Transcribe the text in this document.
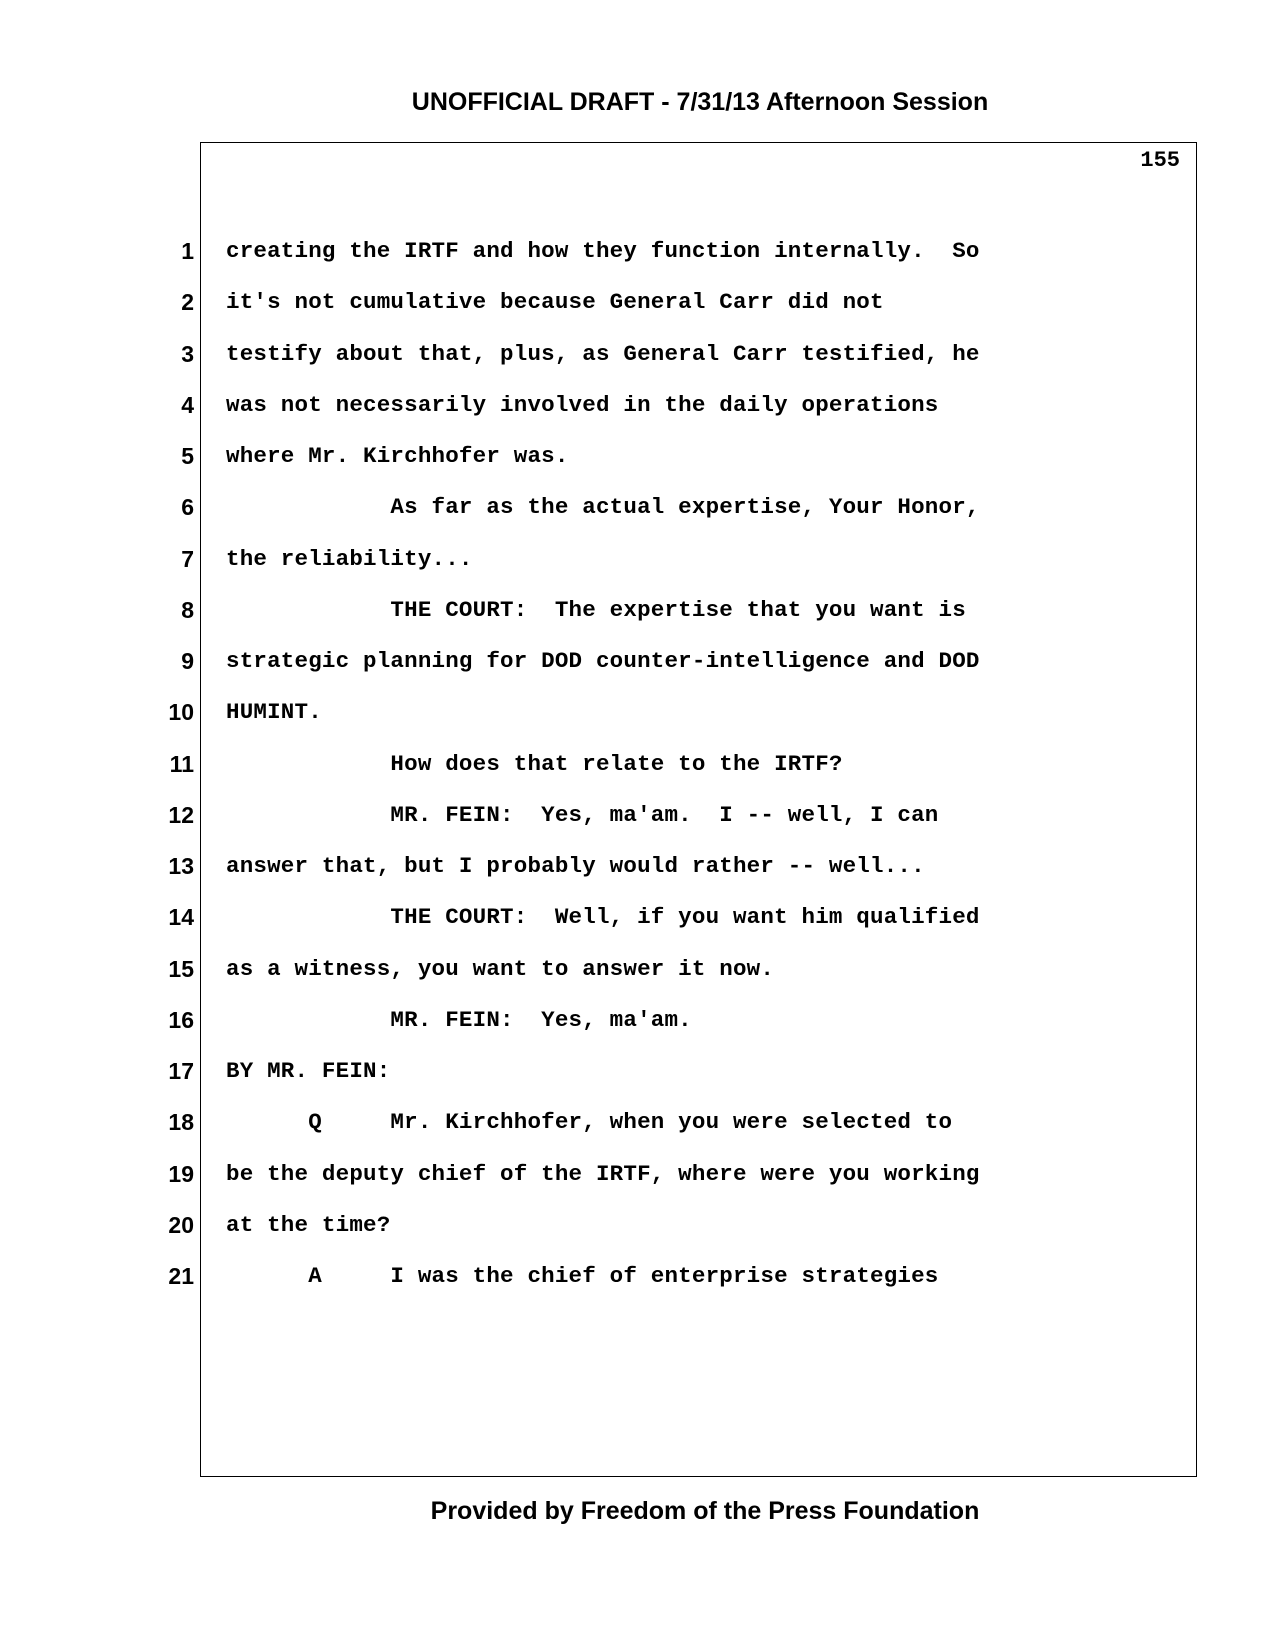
UNOFFICIAL DRAFT - 7/31/13 Afternoon Session
155
1 creating the IRTF and how they function internally.  So
2 it's not cumulative because General Carr did not
3 testify about that, plus, as General Carr testified, he
4 was not necessarily involved in the daily operations
5 where Mr. Kirchhofer was.
6 As far as the actual expertise, Your Honor,
7 the reliability...
8 THE COURT:  The expertise that you want is
9 strategic planning for DOD counter-intelligence and DOD
10 HUMINT.
11 How does that relate to the IRTF?
12 MR. FEIN:  Yes, ma'am.  I -- well, I can
13 answer that, but I probably would rather -- well...
14 THE COURT:  Well, if you want him qualified
15 as a witness, you want to answer it now.
16 MR. FEIN:  Yes, ma'am.
17 BY MR. FEIN:
18 Q     Mr. Kirchhofer, when you were selected to
19 be the deputy chief of the IRTF, where were you working
20 at the time?
21 A     I was the chief of enterprise strategies
Provided by Freedom of the Press Foundation
